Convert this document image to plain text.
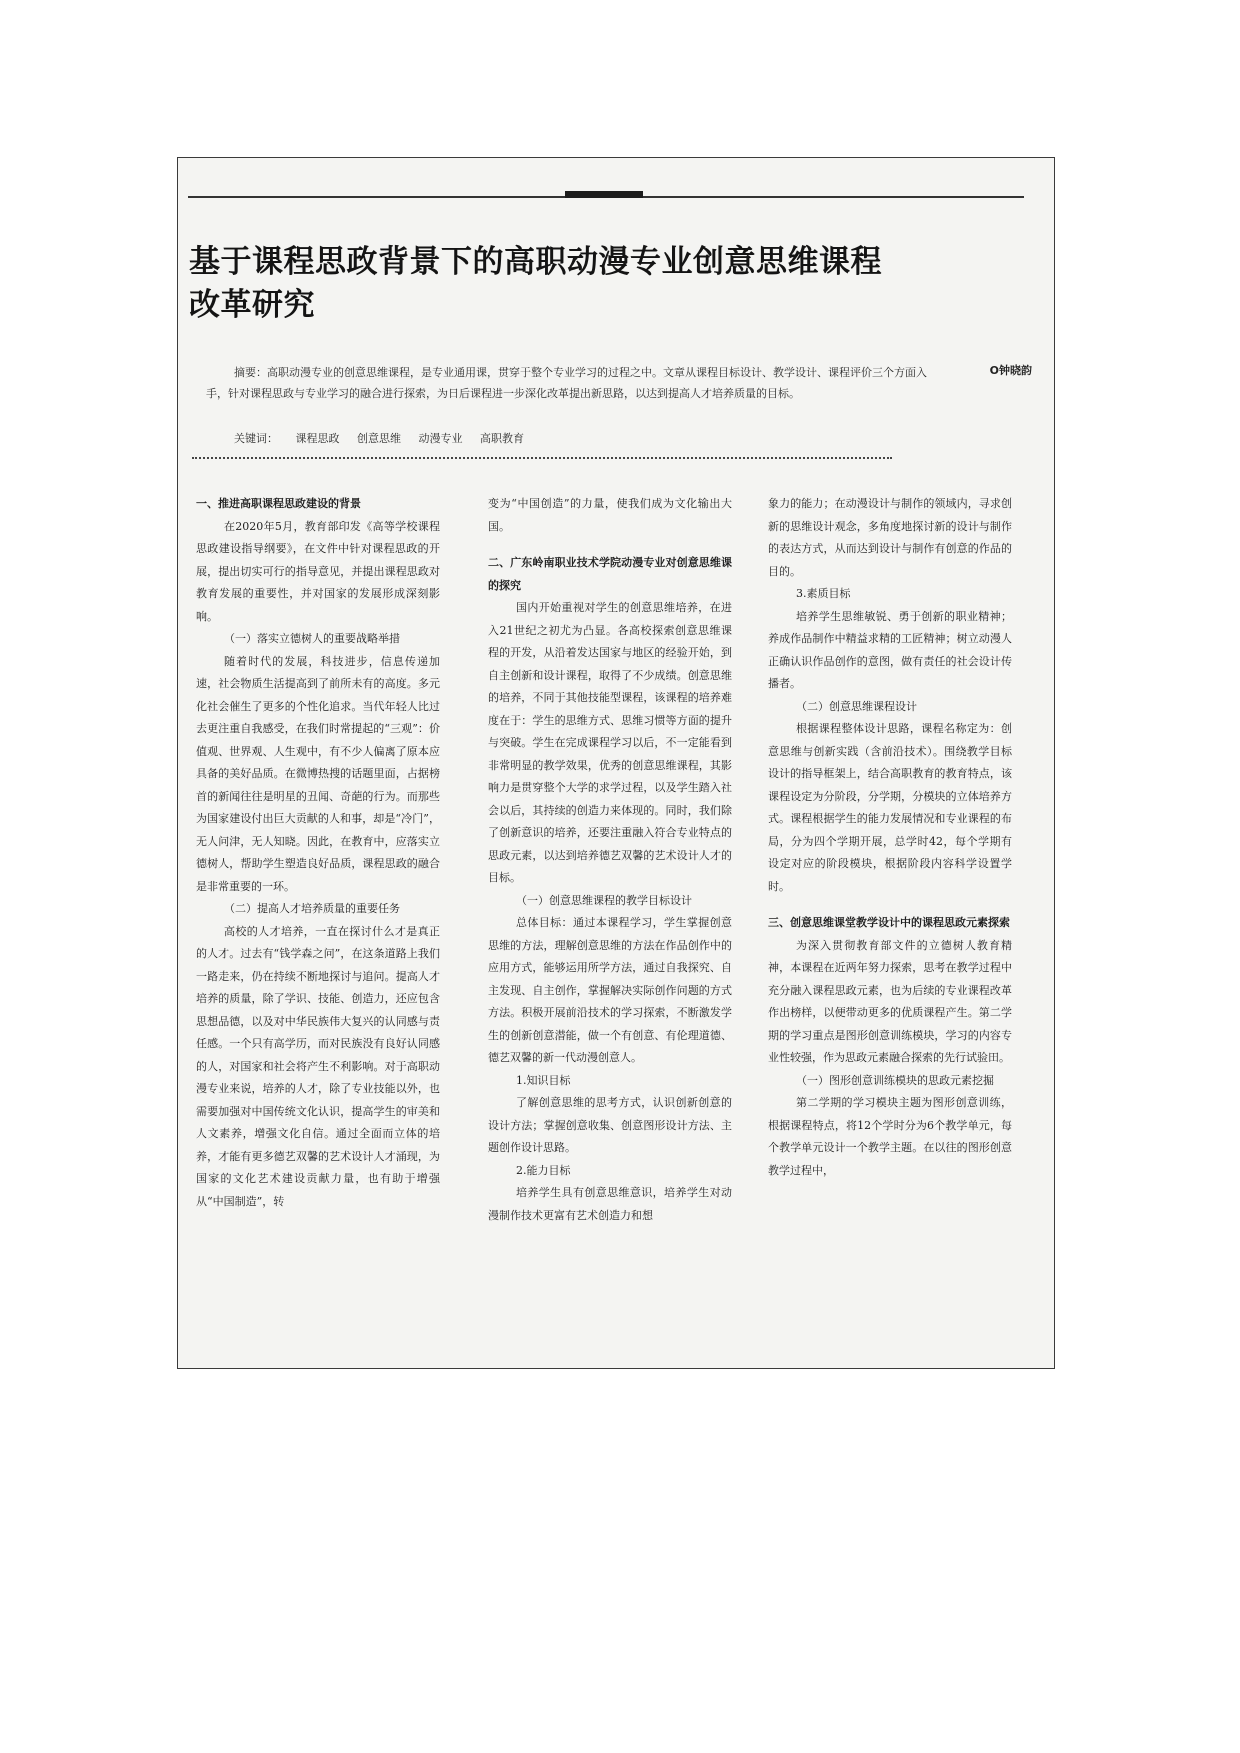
基于课程思政背景下的高职动漫专业创意思维课程改革研究
摘要：高职动漫专业的创意思维课程，是专业通用课，贯穿于整个专业学习的过程之中。文章从课程目标设计、教学设计、课程评价三个方面入手，针对课程思政与专业学习的融合进行探索，为日后课程进一步深化改革提出新思路，以达到提高人才培养质量的目标。
O钟晓韵
关键词： 课程思政 创意思维 动漫专业 高职教育
一、推进高职课程思政建设的背景

在2020年5月，教育部印发《高等学校课程思政建设指导纲要》，在文件中针对课程思政的开展，提出切实可行的指导意见，并提出课程思政对教育发展的重要性，并对国家的发展形成深刻影响。

（一）落实立德树人的重要战略举措

随着时代的发展，科技进步，信息传递加速，社会物质生活提高到了前所未有的高度。多元化社会催生了更多的个性化追求。当代年轻人比过去更注重自我感受，在我们时常提起的“三观”：价值观、世界观、人生观中，有不少人偏离了原本应具备的美好品质。在微博热搜的话题里面，占据榜首的新闻往往是明星的丑闻、奇葩的行为。而那些为国家建设付出巨大贡献的人和事，却是“冷门”，无人问津，无人知晓。因此，在教育中，应落实立德树人，帮助学生塑造良好品质，课程思政的融合是非常重要的一环。

（二）提高人才培养质量的重要任务

高校的人才培养，一直在探讨什么才是真正的人才。过去有“钱学森之问”，在这条道路上我们一路走来，仍在持续不断地探讨与追问。提高人才培养的质量，除了学识、技能、创造力，还应包含思想品德，以及对中华民族伟大复兴的认同感与责任感。一个只有高学历，而对民族没有良好认同感的人，对国家和社会将产生不利影响。对于高职动漫专业来说，培养的人才，除了专业技能以外，也需要加强对中国传统文化认识，提高学生的审美和人文素养，增强文化自信。通过全面而立体的培养，才能有更多德艺双馨的艺术设计人才涌现，为国家的文化艺术建设贡献力量，也有助于增强从“中国制造”，转

变为“中国创造”的力量，使我们成为文化输出大国。

二、广东岭南职业技术学院动漫专业对创意思维课的探究

国内开始重视对学生的创意思维培养，在进入21世纪之初尤为凸显。各高校探索创意思维课程的开发，从沿着发达国家与地区的经验开始，到自主创新和设计课程，取得了不少成绩。创意思维的培养，不同于其他技能型课程，该课程的培养难度在于：学生的思维方式、思维习惯等方面的提升与突破。学生在完成课程学习以后，不一定能看到非常明显的教学效果，优秀的创意思维课程，其影响力是贯穿整个大学的求学过程，以及学生踏入社会以后，其持续的创造力来体现的。同时，我们除了创新意识的培养，还要注重融入符合专业特点的思政元素，以达到培养德艺双馨的艺术设计人才的目标。

（一）创意思维课程的教学目标设计

总体目标：通过本课程学习，学生掌握创意思维的方法，理解创意思维的方法在作品创作中的应用方式，能够运用所学方法，通过自我探究、自主发现、自主创作，掌握解决实际创作问题的方式方法。积极开展前沿技术的学习探索，不断激发学生的创新创意潜能，做一个有创意、有伦理道德、德艺双馨的新一代动漫创意人。

1.知识目标

了解创意思维的思考方式，认识创新创意的设计方法；掌握创意收集、创意图形设计方法、主题创作设计思路。

2.能力目标

培养学生具有创意思维意识，培养学生对动漫制作技术更富有艺术创造力和想

象力的能力；在动漫设计与制作的领域内，寻求创新的思维设计观念，多角度地探讨新的设计与制作的表达方式，从而达到设计与制作有创意的作品的目的。

3.素质目标

培养学生思维敏锐、勇于创新的职业精神；养成作品制作中精益求精的工匠精神；树立动漫人正确认识作品创作的意图，做有责任的社会设计传播者。

（二）创意思维课程设计

根据课程整体设计思路，课程名称定为：创意思维与创新实践（含前沿技术）。围绕教学目标设计的指导框架上，结合高职教育的教育特点，该课程设定为分阶段，分学期，分模块的立体培养方式。课程根据学生的能力发展情况和专业课程的布局，分为四个学期开展，总学时42，每个学期有设定对应的阶段模块，根据阶段内容科学设置学时。

三、创意思维课堂教学设计中的课程思政元素探索

为深入贯彻教育部文件的立德树人教育精神，本课程在近两年努力探索，思考在教学过程中充分融入课程思政元素，也为后续的专业课程改革作出榜样，以便带动更多的优质课程产生。第二学期的学习重点是图形创意训练模块，学习的内容专业性较强，作为思政元素融合探索的先行试验田。

（一）图形创意训练模块的思政元素挖掘

第二学期的学习模块主题为图形创意训练，根据课程特点，将12个学时分为6个教学单元，每个教学单元设计一个教学主题。在以往的图形创意教学过程中，
